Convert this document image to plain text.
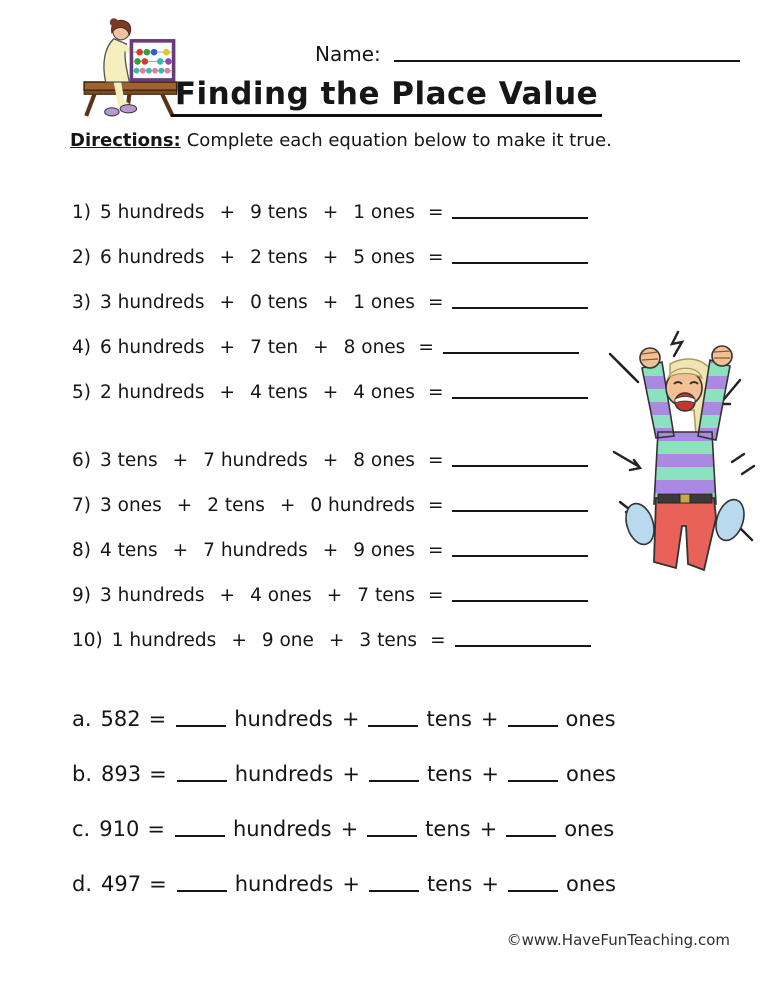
Name:
Finding the Place Value
Directions: Complete each equation below to make it true.
1) 5 hundreds + 9 tens + 1 ones =
2) 6 hundreds + 2 tens + 5 ones =
3) 3 hundreds + 0 tens + 1 ones =
4) 6 hundreds + 7 ten + 8 ones =
5) 2 hundreds + 4 tens + 4 ones =
6) 3 tens + 7 hundreds + 8 ones =
7) 3 ones + 2 tens + 0 hundreds =
8) 4 tens + 7 hundreds + 9 ones =
9) 3 hundreds + 4 ones + 7 tens =
10) 1 hundreds + 9 one + 3 tens =
a. 582 =	hundreds +	tens +	ones
b. 893 =	hundreds +	tens +	ones
c. 910 =	hundreds +	tens +	ones
d. 497 =	hundreds +	tens +	ones
©www.HaveFunTeaching.com
